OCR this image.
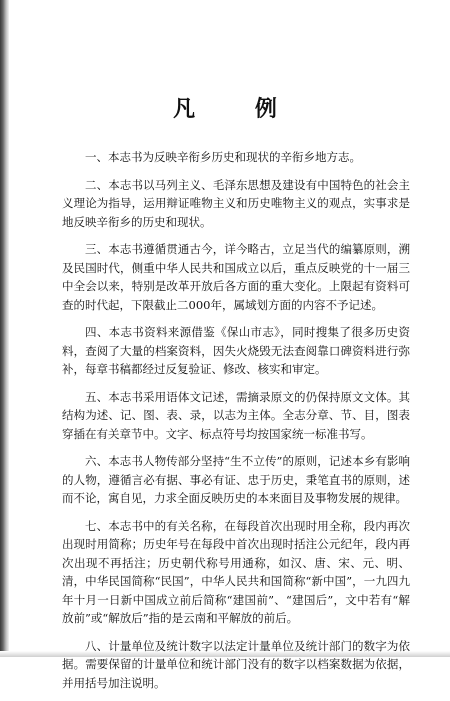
凡 例

一、本志书为反映辛衔乡历史和现状的辛衔乡地方志。

二、本志书以马列主义、毛泽东思想及建设有中国特色的社会主义理论为指导，运用辩证唯物主义和历史唯物主义的观点，实事求是地反映辛衔乡的历史和现状。

三、本志书遵循贯通古今，详今略古，立足当代的编纂原则，溯及民国时代，侧重中华人民共和国成立以后，重点反映党的十一届三中全会以来，特别是改革开放后各方面的重大变化。上限起有资料可查的时代起，下限截止二000年，属域划方面的内容不予记述。

四、本志书资料来源借鉴《保山市志》，同时搜集了很多历史资料，查阅了大量的档案资料，因失火烧毁无法查阅靠口碑资料进行弥补，每章书稿都经过反复验证、修改、核实和审定。

五、本志书采用语体文记述，需摘录原文的仍保持原文文体。其结构为述、记、图、表、录，以志为主体。全志分章、节、目，图表穿插在有关章节中。文字、标点符号均按国家统一标准书写。

六、本志书人物传部分坚持“生不立传”的原则，记述本乡有影响的人物，遵循言必有据、事必有证、忠于历史，秉笔直书的原则，述而不论，寓自见，力求全面反映历史的本来面目及事物发展的规律。

七、本志书中的有关名称，在每段首次出现时用全称，段内再次出现时用简称；历史年号在每段中首次出现时括注公元纪年，段内再次出现不再括注；历史朝代称号用通称，如汉、唐、宋、元、明、清，中华民国简称“民国”，中华人民共和国简称“新中国”，一九四九年十月一日新中国成立前后简称“建国前”、“建国后”，文中若有“解放前”或“解放后”指的是云南和平解放的前后。

八、计量单位及统计数字以法定计量单位及统计部门的数字为依据。需要保留的计量单位和统计部门没有的数字以档案数据为依据，并用括号加注说明。
